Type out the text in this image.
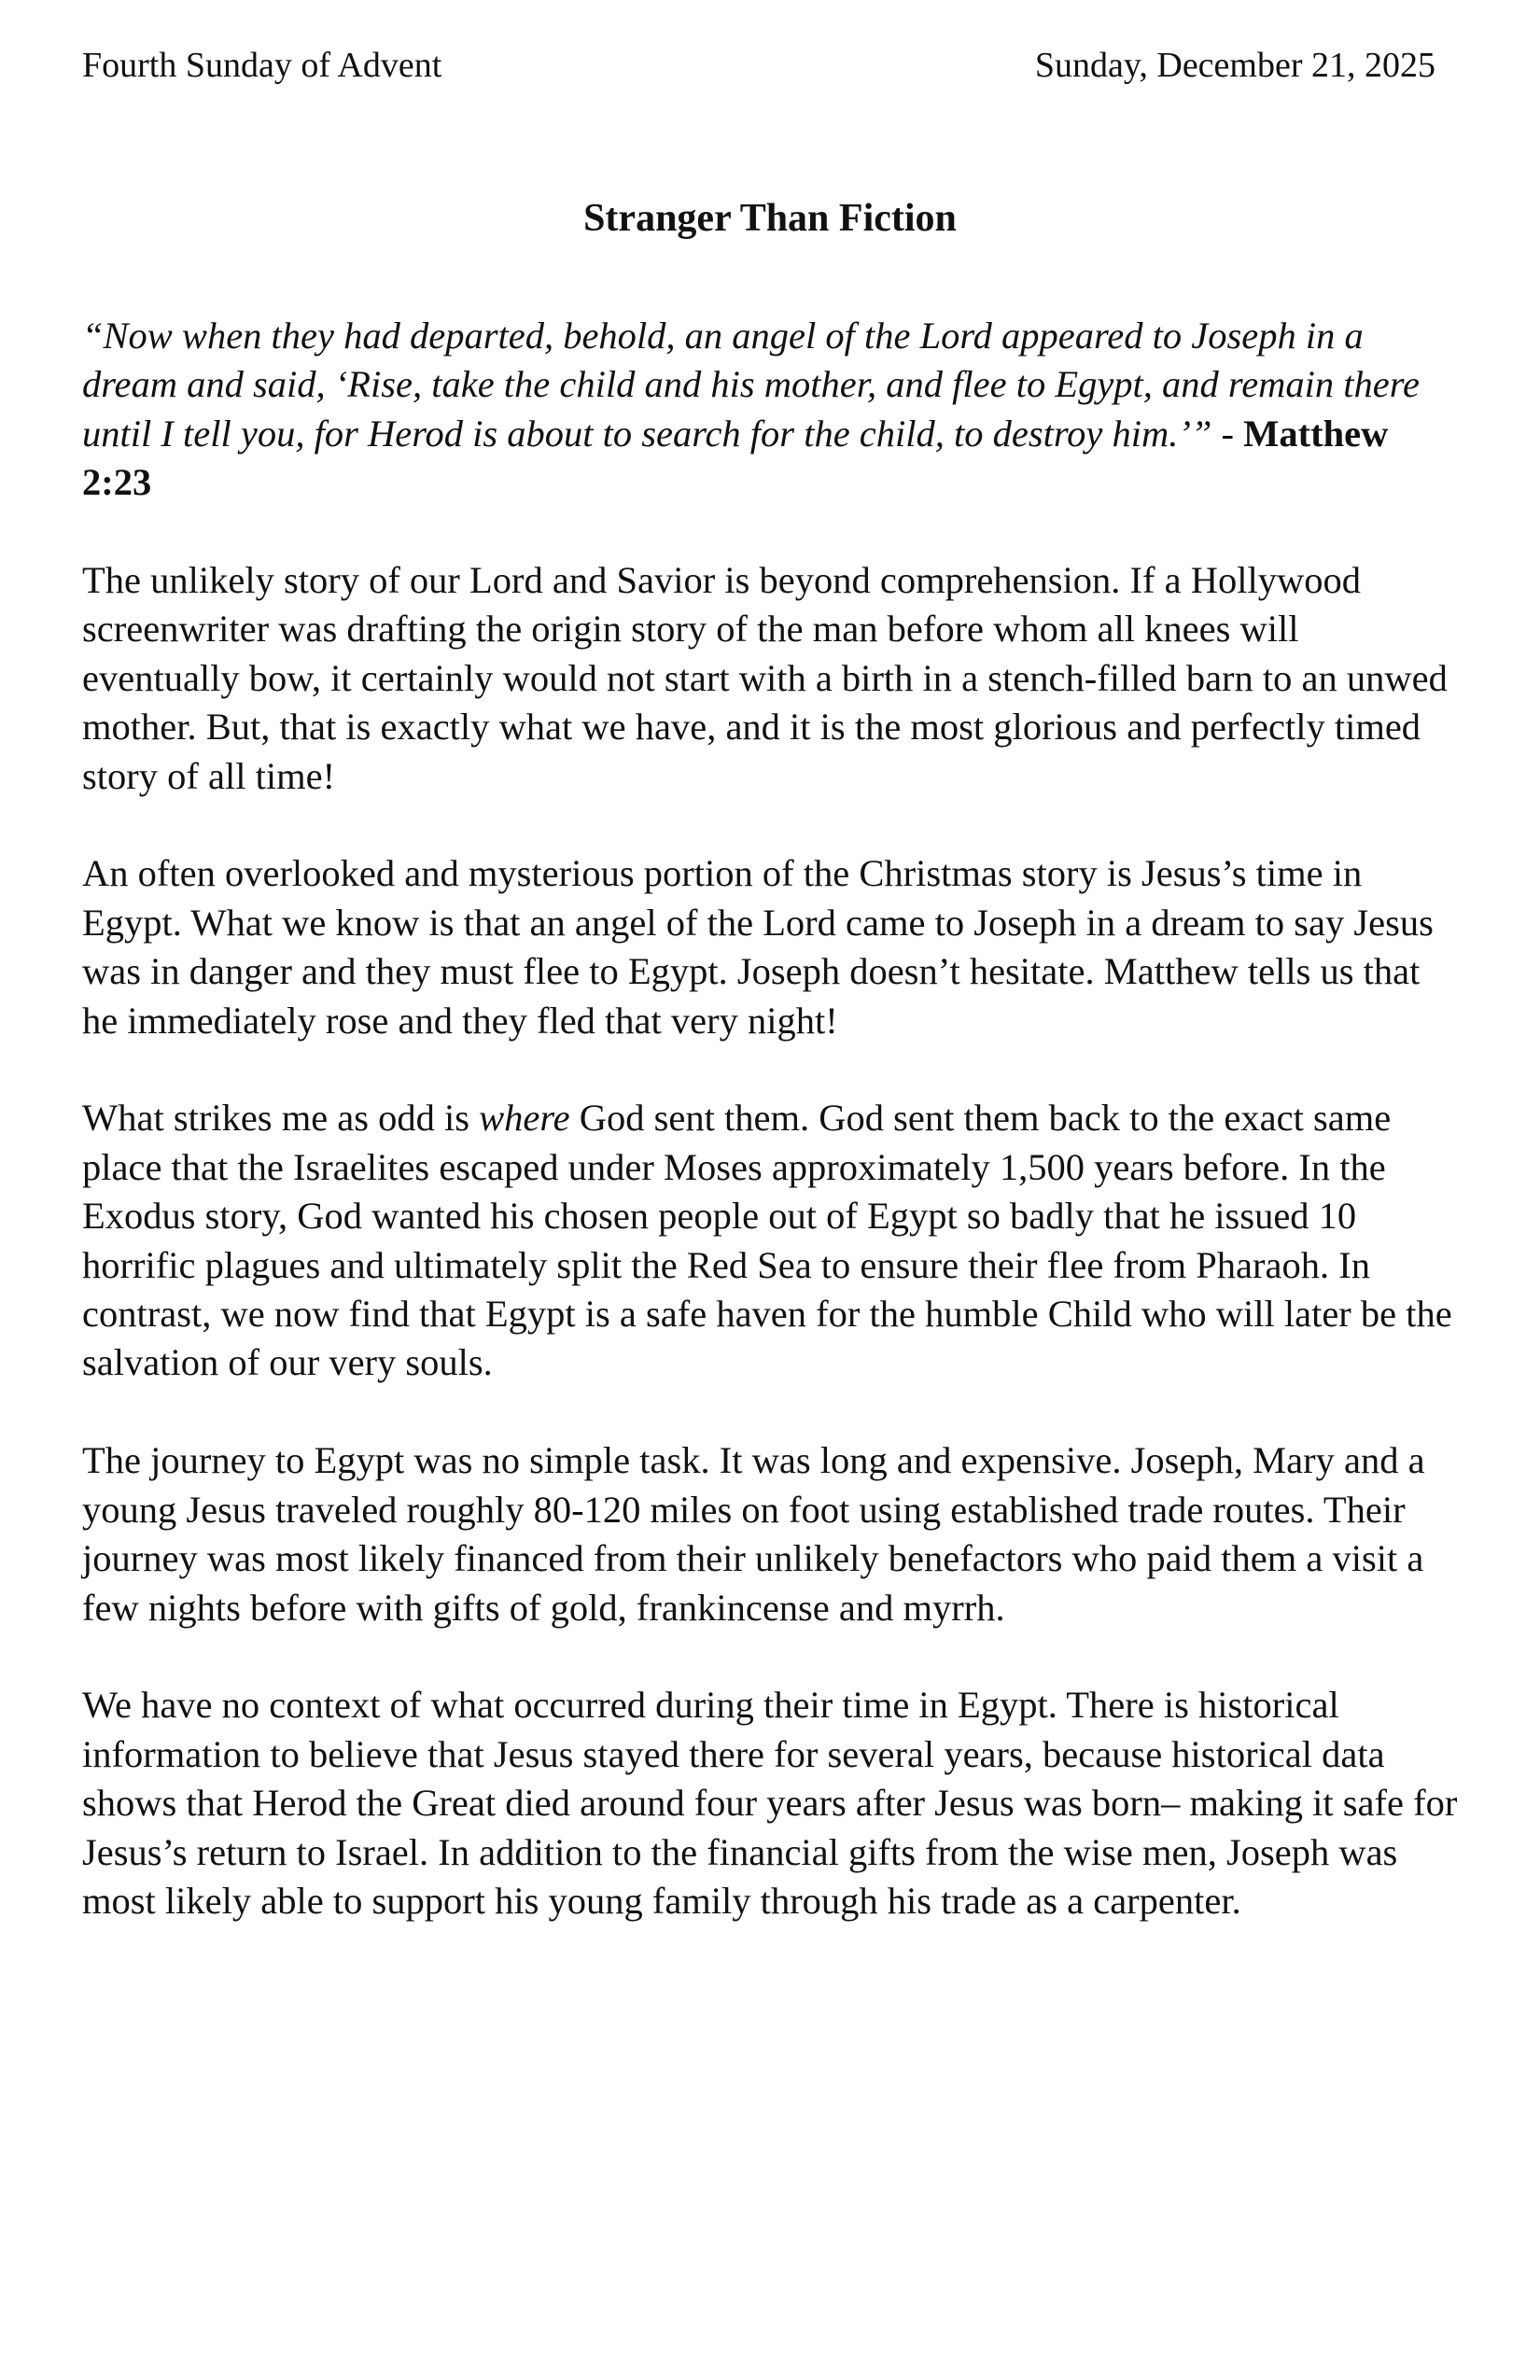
Fourth Sunday of Advent	Sunday, December 21, 2025
Stranger Than Fiction

“Now when they had departed, behold, an angel of the Lord appeared to Joseph in a dream and said, ‘Rise, take the child and his mother, and flee to Egypt, and remain there until I tell you, for Herod is about to search for the child, to destroy him.’” - Matthew 2:23

The unlikely story of our Lord and Savior is beyond comprehension. If a Hollywood screenwriter was drafting the origin story of the man before whom all knees will eventually bow, it certainly would not start with a birth in a stench-filled barn to an unwed mother. But, that is exactly what we have, and it is the most glorious and perfectly timed story of all time!

An often overlooked and mysterious portion of the Christmas story is Jesus’s time in Egypt. What we know is that an angel of the Lord came to Joseph in a dream to say Jesus was in danger and they must flee to Egypt. Joseph doesn’t hesitate. Matthew tells us that he immediately rose and they fled that very night!

What strikes me as odd is where God sent them. God sent them back to the exact same place that the Israelites escaped under Moses approximately 1,500 years before. In the Exodus story, God wanted his chosen people out of Egypt so badly that he issued 10 horrific plagues and ultimately split the Red Sea to ensure their flee from Pharaoh. In contrast, we now find that Egypt is a safe haven for the humble Child who will later be the salvation of our very souls.

The journey to Egypt was no simple task. It was long and expensive. Joseph, Mary and a young Jesus traveled roughly 80-120 miles on foot using established trade routes. Their journey was most likely financed from their unlikely benefactors who paid them a visit a few nights before with gifts of gold, frankincense and myrrh.

We have no context of what occurred during their time in Egypt. There is historical information to believe that Jesus stayed there for several years, because historical data shows that Herod the Great died around four years after Jesus was born– making it safe for Jesus’s return to Israel. In addition to the financial gifts from the wise men, Joseph was most likely able to support his young family through his trade as a carpenter.
